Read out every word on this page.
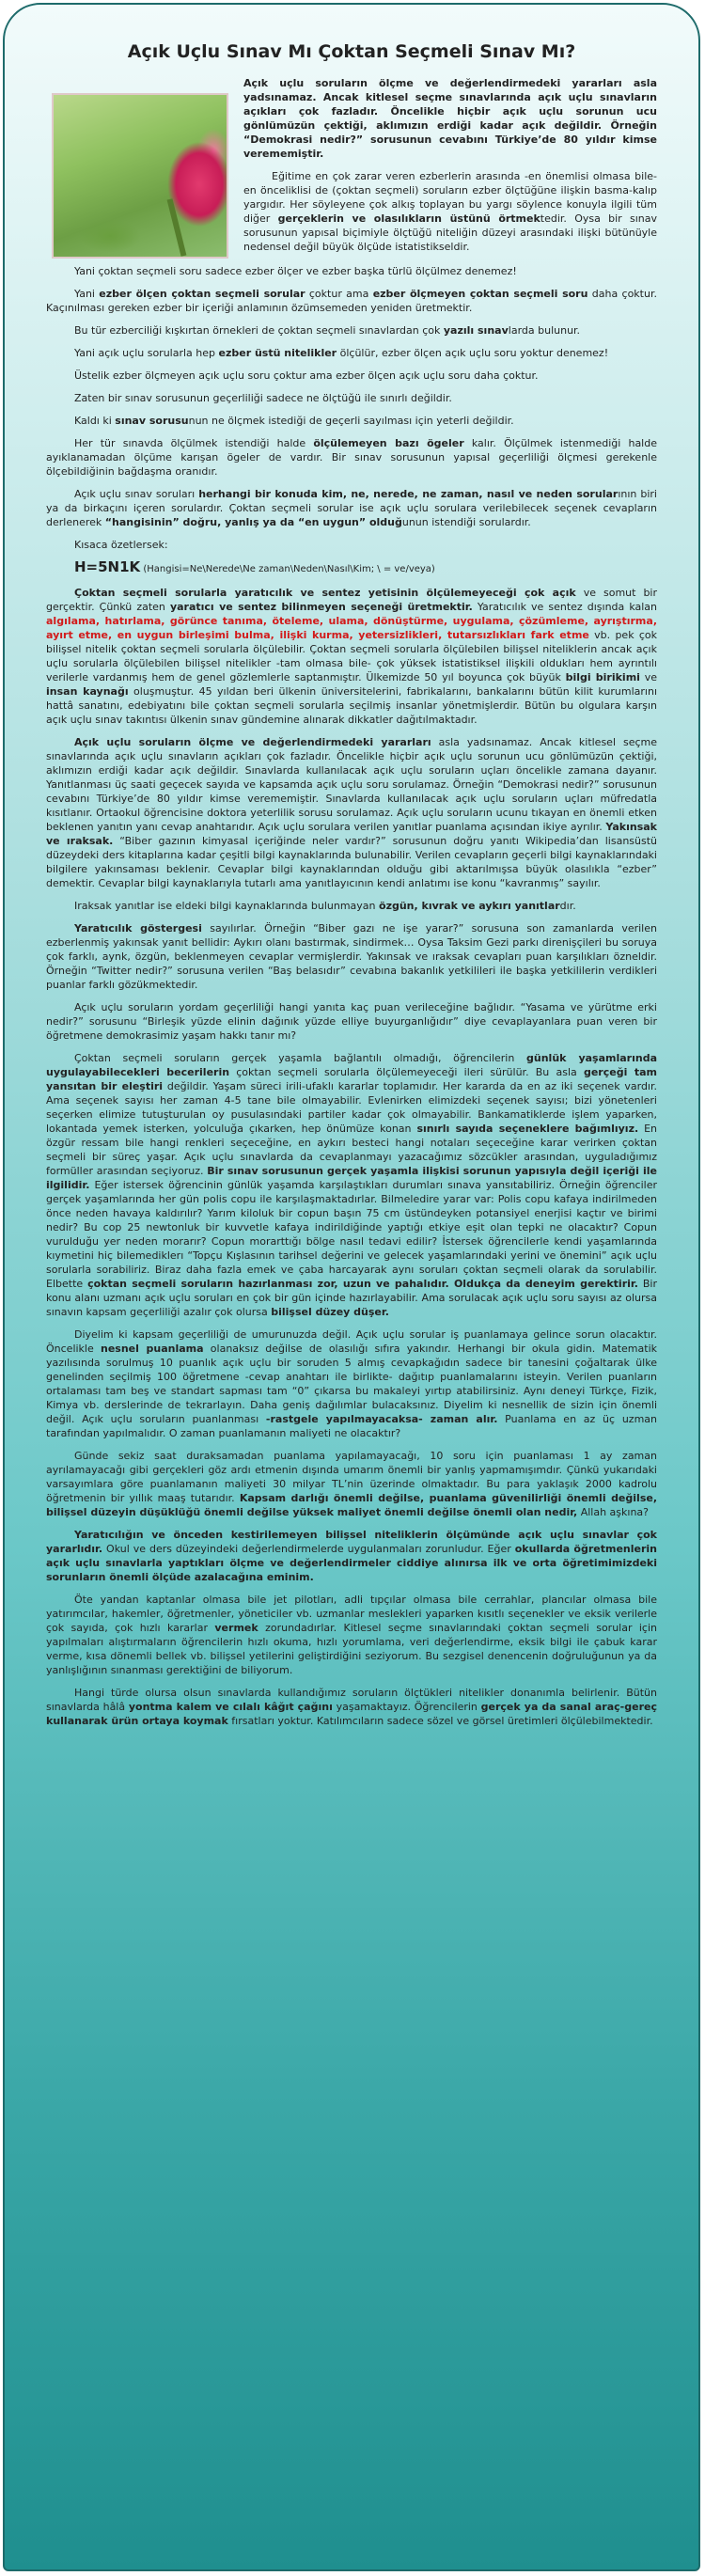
Açık Uçlu Sınav Mı Çoktan Seçmeli Sınav Mı?

Açık uçlu soruların ölçme ve değerlendirmedeki yararları asla yadsınamaz. Ancak kitlesel seçme sınavlarında açık uçlu sınavların açıkları çok fazladır. Öncelikle hiçbir açık uçlu sorunun ucu gönlümüzün çektiği, aklımızın erdiği kadar açık değildir. Örneğin “Demokrasi nedir?” sorusunun cevabını Türkiye’de 80 yıldır kimse verememiştir.

Eğitime en çok zarar veren ezberlerin arasında -en önemlisi olmasa bile- en önceliklisi de (çoktan seçmeli) soruların ezber ölçtüğüne ilişkin basma-kalıp yargıdır. Her söyleyene çok alkış toplayan bu yargı söylence konuyla ilgili tüm diğer gerçeklerin ve olasılıkların üstünü örtmektedir. Oysa bir sınav sorusunun yapısal biçimiyle ölçtüğü niteliğin düzeyi arasındaki ilişki bütünüyle nedensel değil büyük ölçüde istatistikseldir.

Yani çoktan seçmeli soru sadece ezber ölçer ve ezber başka türlü ölçülmez denemez!

Yani ezber ölçen çoktan seçmeli sorular çoktur ama ezber ölçmeyen çoktan seçmeli soru daha çoktur. Kaçınılması gereken ezber bir içeriği anlamının özümsemeden yeniden üretmektir.

Bu tür ezberciliği kışkırtan örnekleri de çoktan seçmeli sınavlardan çok yazılı sınavlarda bulunur.

Yani açık uçlu sorularla hep ezber üstü nitelikler ölçülür, ezber ölçen açık uçlu soru yoktur denemez!

Üstelik ezber ölçmeyen açık uçlu soru çoktur ama ezber ölçen açık uçlu soru daha çoktur.

Zaten bir sınav sorusunun geçerliliği sadece ne ölçtüğü ile sınırlı değildir.

Kaldı ki sınav sorusunun ne ölçmek istediği de geçerli sayılması için yeterli değildir.

Her tür sınavda ölçülmek istendiği halde ölçülemeyen bazı ögeler kalır. Ölçülmek istenmediği halde ayıklanamadan ölçüme karışan ögeler de vardır. Bir sınav sorusunun yapısal geçerliliği ölçmesi gerekenle ölçebildiğinin bağdaşma oranıdır.

Açık uçlu sınav soruları herhangi bir konuda kim, ne, nerede, ne zaman, nasıl ve neden sorularının biri ya da birkaçını içeren sorulardır. Çoktan seçmeli sorular ise açık uçlu sorulara verilebilecek seçenek cevapların derlenerek “hangisinin” doğru, yanlış ya da “en uygun” olduğunun istendiği sorulardır.

Kısaca özetlersek:

H=5N1K (Hangisi=Ne\Nerede\Ne zaman\Neden\Nasıl\Kim; \ = ve/veya)

Çoktan seçmeli sorularla yaratıcılık ve sentez yetisinin ölçülemeyeceği çok açık ve somut bir gerçektir. Çünkü zaten yaratıcı ve sentez bilinmeyen seçeneği üretmektir. Yaratıcılık ve sentez dışında kalan algılama, hatırlama, görünce tanıma, öteleme, ulama, dönüştürme, uygulama, çözümleme, ayrıştırma, ayırt etme, en uygun birleşimi bulma, ilişki kurma, yetersizlikleri, tutarsızlıkları fark etme vb. pek çok bilişsel nitelik çoktan seçmeli sorularla ölçülebilir. Çoktan seçmeli sorularla ölçülebilen bilişsel niteliklerin ancak açık uçlu sorularla ölçülebilen bilişsel nitelikler -tam olmasa bile- çok yüksek istatistiksel ilişkili oldukları hem ayrıntılı verilerle vardanmış hem de genel gözlemlerle saptanmıştır. Ülkemizde 50 yıl boyunca çok büyük bilgi birikimi ve insan kaynağı oluşmuştur. 45 yıldan beri ülkenin üniversitelerini, fabrikalarını, bankalarını bütün kilit kurumlarını hattâ sanatını, edebiyatını bile çoktan seçmeli sorularla seçilmiş insanlar yönetmişlerdir. Bütün bu olgulara karşın açık uçlu sınav takıntısı ülkenin sınav gündemine alınarak dikkatler dağıtılmaktadır.

Açık uçlu soruların ölçme ve değerlendirmedeki yararları asla yadsınamaz. Ancak kitlesel seçme sınavlarında açık uçlu sınavların açıkları çok fazladır. Öncelikle hiçbir açık uçlu sorunun ucu gönlümüzün çektiği, aklımızın erdiği kadar açık değildir. Sınavlarda kullanılacak açık uçlu soruların uçları öncelikle zamana dayanır. Yanıtlanması üç saati geçecek sayıda ve kapsamda açık uçlu soru sorulamaz. Örneğin “Demokrasi nedir?” sorusunun cevabını Türkiye’de 80 yıldır kimse verememiştir. Sınavlarda kullanılacak açık uçlu soruların uçları müfredatla kısıtlanır. Ortaokul öğrencisine doktora yeterlilik sorusu sorulamaz. Açık uçlu soruların ucunu tıkayan en önemli etken beklenen yanıtın yanı cevap anahtarıdır. Açık uçlu sorulara verilen yanıtlar puanlama açısından ikiye ayrılır. Yakınsak ve ıraksak. “Biber gazının kimyasal içeriğinde neler vardır?” sorusunun doğru yanıtı Wikipedia’dan lisansüstü düzeydeki ders kitaplarına kadar çeşitli bilgi kaynaklarında bulunabilir. Verilen cevapların geçerli bilgi kaynaklarındaki bilgilere yakınsaması beklenir. Cevaplar bilgi kaynaklarından olduğu gibi aktarılmışsa büyük olasılıkla “ezber” demektir. Cevaplar bilgi kaynaklarıyla tutarlı ama yanıtlayıcının kendi anlatımı ise konu “kavranmış” sayılır.

Iraksak yanıtlar ise eldeki bilgi kaynaklarında bulunmayan özgün, kıvrak ve aykırı yanıtlardır.

Yaratıcılık göstergesi sayılırlar. Örneğin “Biber gazı ne işe yarar?” sorusuna son zamanlarda verilen ezberlenmiş yakınsak yanıt bellidir: Aykırı olanı bastırmak, sindirmek… Oysa Taksim Gezi parkı direnişçileri bu soruya çok farklı, aynk, özgün, beklenmeyen cevaplar vermişlerdir. Yakınsak ve ıraksak cevapları puan karşılıkları özneldir. Örneğin “Twitter nedir?” sorusuna verilen “Baş belasıdır” cevabına bakanlık yetkilileri ile başka yetkililerin verdikleri puanlar farklı gözükmektedir.

Açık uçlu soruların yordam geçerliliği hangi yanıta kaç puan verileceğine bağlıdır. “Yasama ve yürütme erki nedir?” sorusunu “Birleşik yüzde elinin dağınık yüzde elliye buyurganlığıdır” diye cevaplayanlara puan veren bir öğretmene demokrasimiz yaşam hakkı tanır mı?

Çoktan seçmeli soruların gerçek yaşamla bağlantılı olmadığı, öğrencilerin günlük yaşamlarında uygulayabilecekleri becerilerin çoktan seçmeli sorularla ölçülemeyeceği ileri sürülür. Bu asla gerçeği tam yansıtan bir eleştiri değildir. Yaşam süreci irili-ufaklı kararlar toplamıdır. Her kararda da en az iki seçenek vardır. Ama seçenek sayısı her zaman 4-5 tane bile olmayabilir. Evlenirken elimizdeki seçenek sayısı; bizi yönetenleri seçerken elimize tutuşturulan oy pusulasındaki partiler kadar çok olmayabilir. Bankamatiklerde işlem yaparken, lokantada yemek isterken, yolculuğa çıkarken, hep önümüze konan sınırlı sayıda seçeneklere bağımlıyız. En özgür ressam bile hangi renkleri seçeceğine, en aykırı besteci hangi notaları seçeceğine karar verirken çoktan seçmeli bir süreç yaşar. Açık uçlu sınavlarda da cevaplanmayı yazacağımız sözcükler arasından, uyguladığımız formüller arasından seçiyoruz. Bir sınav sorusunun gerçek yaşamla ilişkisi sorunun yapısıyla değil içeriği ile ilgilidir. Eğer istersek öğrencinin günlük yaşamda karşılaştıkları durumları sınava yansıtabiliriz. Örneğin öğrenciler gerçek yaşamlarında her gün polis copu ile karşılaşmaktadırlar. Bilmeledire yarar var: Polis copu kafaya indirilmeden önce neden havaya kaldırılır? Yarım kiloluk bir copun başın 75 cm üstündeyken potansiyel enerjisi kaçtır ve birimi nedir? Bu cop 25 newtonluk bir kuvvetle kafaya indirildiğinde yaptığı etkiye eşit olan tepki ne olacaktır? Copun vurulduğu yer neden morarır? Copun morarttığı bölge nasıl tedavi edilir? İstersek öğrencilerle kendi yaşamlarında kıymetini hiç bilemediklerı “Topçu Kışlasının tarihsel değerini ve gelecek yaşamlarındaki yerini ve önemini” açık uçlu sorularla sorabiliriz. Biraz daha fazla emek ve çaba harcayarak aynı soruları çoktan seçmeli olarak da sorulabilir. Elbette çoktan seçmeli soruların hazırlanması zor, uzun ve pahalıdır. Oldukça da deneyim gerektirir. Bir konu alanı uzmanı açık uçlu soruları en çok bir gün içinde hazırlayabilir. Ama sorulacak açık uçlu soru sayısı az olursa sınavın kapsam geçerliliği azalır çok olursa bilişsel düzey düşer.

Diyelim ki kapsam geçerliliği de umurunuzda değil. Açık uçlu sorular iş puanlamaya gelince sorun olacaktır. Öncelikle nesnel puanlama olanaksız değilse de olasılığı sıfıra yakındır. Herhangi bir okula gidin. Matematik yazılısında sorulmuş 10 puanlık açık uçlu bir soruden 5 almış cevapkağıdın sadece bir tanesini çoğaltarak ülke genelinden seçilmiş 100 öğretmene -cevap anahtarı ile birlikte- dağıtıp puanlamalarını isteyin. Verilen puanların ortalaması tam beş ve standart sapması tam “0” çıkarsa bu makaleyi yırtıp atabilirsiniz. Aynı deneyi Türkçe, Fizik, Kimya vb. derslerinde de tekrarlayın. Daha geniş dağılımlar bulacaksınız. Diyelim ki nesnellik de sizin için önemli değil. Açık uçlu soruların puanlanması -rastgele yapılmayacaksa- zaman alır. Puanlama en az üç uzman tarafından yapılmalıdır. O zaman puanlamanın maliyeti ne olacaktır?

Günde sekiz saat duraksamadan puanlama yapılamayacağı, 10 soru için puanlaması 1 ay zaman ayrılamayacağı gibi gerçekleri göz ardı etmenin dışında umarım önemli bir yanlış yapmamışımdır. Çünkü yukarıdaki varsayımlara göre puanlamanın maliyeti 30 milyar TL’nin üzerinde olmaktadır. Bu para yaklaşık 2000 kadrolu öğretmenin bir yıllık maaş tutarıdır. Kapsam darlığı önemli değilse, puanlama güvenilirliği önemli değilse, bilişsel düzeyin düşüklüğü önemli değilse yüksek maliyet önemli değilse önemli olan nedir, Allah aşkına?

Yaratıcılığın ve önceden kestirilemeyen bilişsel niteliklerin ölçümünde açık uçlu sınavlar çok yararlıdır. Okul ve ders düzeyindeki değerlendirmelerde uygulanmaları zorunludur. Eğer okullarda öğretmenlerin açık uçlu sınavlarla yaptıkları ölçme ve değerlendirmeler ciddiye alınırsa ilk ve orta öğretimimizdeki sorunların önemli ölçüde azalacağına eminim.

Öte yandan kaptanlar olmasa bile jet pilotları, adli tıpçılar olmasa bile cerrahlar, plancılar olmasa bile yatırımcılar, hakemler, öğretmenler, yöneticiler vb. uzmanlar meslekleri yaparken kısıtlı seçenekler ve eksik verilerle çok sayıda, çok hızlı kararlar vermek zorundadırlar. Kitlesel seçme sınavlarındaki çoktan seçmeli sorular için yapılmaları alıştırmaların öğrencilerin hızlı okuma, hızlı yorumlama, veri değerlendirme, eksik bilgi ile çabuk karar verme, kısa dönemli bellek vb. bilişsel yetilerini geliştirdiğini seziyorum. Bu sezgisel denencenin doğruluğunun ya da yanlışlığının sınanması gerektiğini de biliyorum.

Hangi türde olursa olsun sınavlarda kullandığımız soruların ölçtükleri nitelikler donanımla belirlenir. Bütün sınavlarda hâlâ yontma kalem ve cılalı kâğıt çağını yaşamaktayız. Öğrencilerin gerçek ya da sanal araç-gereç kullanarak ürün ortaya koymak fırsatları yoktur. Katılımcıların sadece sözel ve görsel üretimleri ölçülebilmektedir.
